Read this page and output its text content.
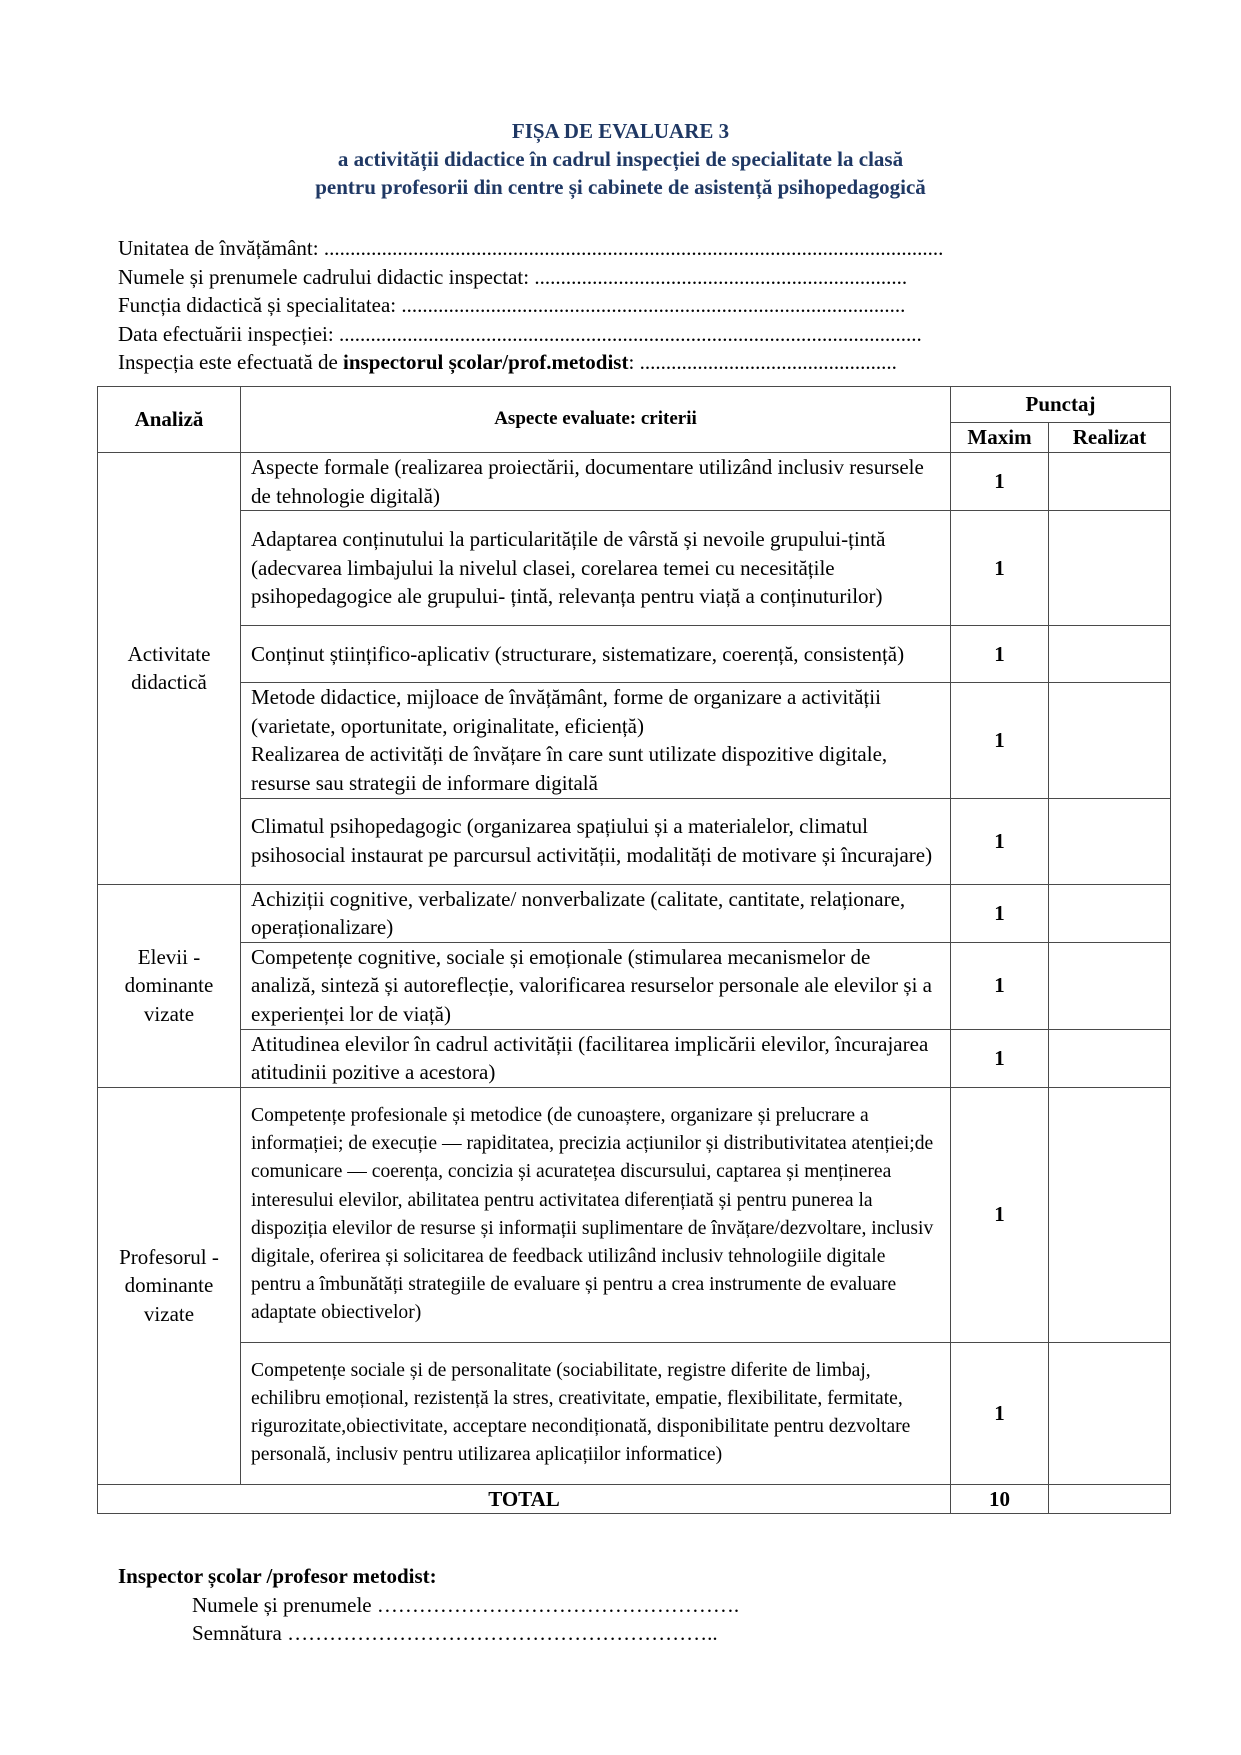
FIȘA DE EVALUARE 3
a activității didactice în cadrul inspecției de specialitate la clasă
pentru profesorii din centre și cabinete de asistență psihopedagogică
Unitatea de învățământ: ......................................................................................................................
Numele și prenumele cadrului didactic inspectat: .......................................................................
Funcția didactică și specialitatea: ................................................................................................
Data efectuării inspecției: ...............................................................................................................
Inspecția este efectuată de inspectorul școlar/prof.metodist: .................................................
Analiză	Aspecte evaluate: criterii	Punctaj	
		Maxim	Realizat
Activitate didactică	Aspecte formale (realizarea proiectării, documentare utilizând inclusiv resursele de tehnologie digitală)	1	
	Adaptarea conținutului la particularitățile de vârstă și nevoile grupului-țintă (adecvarea limbajului la nivelul clasei, corelarea temei cu necesitățile psihopedagogice ale grupului- țintă, relevanța pentru viață a conținuturilor)	1	
	Conținut științifico-aplicativ (structurare, sistematizare, coerență, consistență)	1	

	Metode didactice, mijloace de învățământ, forme de organizare a activității (varietate, oportunitate, originalitate, eficiență)
Realizarea de activități de învățare în care sunt utilizate dispozitive digitale, resurse sau strategii de informare digitală	1	
	Climatul psihopedagogic (organizarea spațiului și a materialelor, climatul psihosocial instaurat pe parcursul activității, modalități de motivare și încurajare)	1	
Elevii - dominante vizate	Achiziții cognitive, verbalizate/ nonverbalizate (calitate, cantitate, relaționare, operaționalizare)	1	
	Competențe cognitive, sociale și emoționale (stimularea mecanismelor de analiză, sinteză și autoreflecție, valorificarea resurselor personale ale elevilor și a experienței lor de viață)	1	
	Atitudinea elevilor în cadrul activității (facilitarea implicării elevilor, încurajarea atitudinii pozitive a acestora)	1	
Profesorul - dominante vizate	Competențe profesionale și metodice (de cunoaștere, organizare și prelucrare a informației; de execuție — rapiditatea, precizia acțiunilor și distributivitatea atenției;de comunicare — coerența, concizia și acuratețea discursului, captarea și menținerea interesului elevilor, abilitatea pentru activitatea diferențiată și pentru punerea la dispoziția elevilor de resurse și informații suplimentare de învățare/dezvoltare, inclusiv digitale, oferirea și solicitarea de feedback utilizând inclusiv tehnologiile digitale pentru a îmbunătăți strategiile de evaluare și pentru a crea instrumente de evaluare adaptate obiectivelor)	1	
	Competențe sociale și de personalitate (sociabilitate, registre diferite de limbaj, echilibru emoțional, rezistență la stres, creativitate, empatie, flexibilitate, fermitate, rigurozitate,obiectivitate, acceptare necondiționată, disponibilitate pentru dezvoltare personală, inclusiv pentru utilizarea aplicațiilor informatice)	1	
TOTAL		10	
Inspector școlar /profesor metodist:
Numele și prenumele …………………………………………….
Semnătura ……………………………………………………..
